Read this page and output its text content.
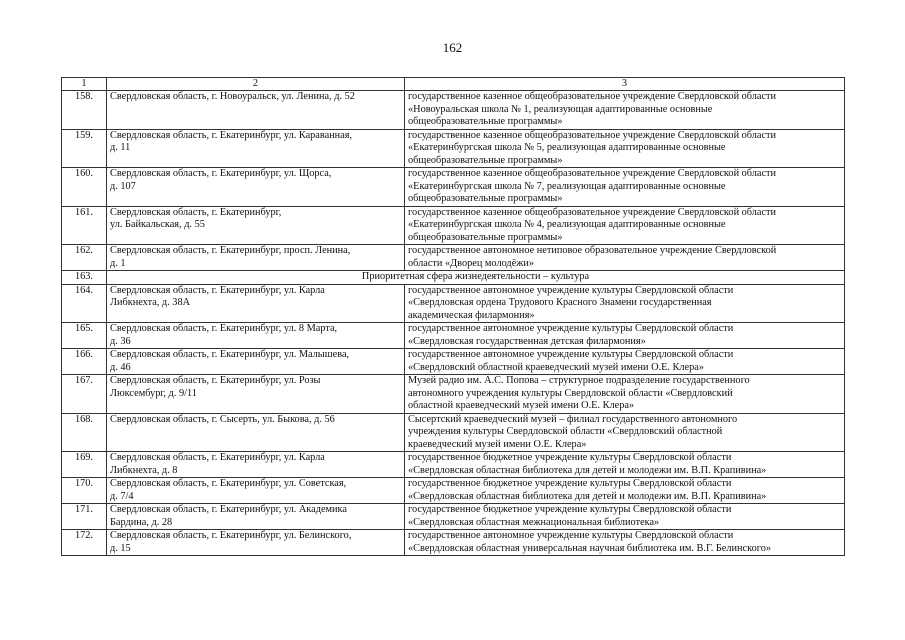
162
1	2	3
158.	Свердловская область, г. Новоуральск, ул. Ленина, д. 52	государственное казенное общеобразовательное учреждение Свердловской области
«Новоуральская школа № 1, реализующая адаптированные основные
общеобразовательные программы»

159.	Свердловская область, г. Екатеринбург, ул. Караванная,
д. 11	государственное казенное общеобразовательное учреждение Свердловской области
«Екатеринбургская школа № 5, реализующая адаптированные основные
общеобразовательные программы»

160.	Свердловская область, г. Екатеринбург, ул. Щорса,
д. 107	государственное казенное общеобразовательное учреждение Свердловской области
«Екатеринбургская школа № 7, реализующая адаптированные основные
общеобразовательные программы»

161.	Свердловская область, г. Екатеринбург,
ул. Байкальская, д. 55	государственное казенное общеобразовательное учреждение Свердловской области
«Екатеринбургская школа № 4, реализующая адаптированные основные
общеобразовательные программы»

162.	Свердловская область, г. Екатеринбург, просп. Ленина,
д. 1	государственное автономное нетиповое образовательное учреждение Свердловской
области «Дворец молодёжи»

163.	Приоритетная сфера жизнедеятельности – культура	
164.	Свердловская область, г. Екатеринбург, ул. Карла
Либкнехта, д. 38А	государственное автономное учреждение культуры Свердловской области
«Свердловская ордена Трудового Красного Знамени государственная
академическая филармония»

165.	Свердловская область, г. Екатеринбург, ул. 8 Марта,
д. 36	государственное автономное учреждение культуры Свердловской области
«Свердловская государственная детская филармония»

166.	Свердловская область, г. Екатеринбург, ул. Малышева,
д. 46	государственное автономное учреждение культуры Свердловской области
«Свердловский областной краеведческий музей имени О.Е. Клера»

167.	Свердловская область, г. Екатеринбург, ул. Розы
Люксембург, д. 9/11	Музей радио им. А.С. Попова – структурное подразделение государственного
автономного учреждения культуры Свердловской области «Свердловский
областной краеведческий музей имени О.Е. Клера»

168.	Свердловская область, г. Сысерть, ул. Быкова, д. 56	Сысертский краеведческий музей – филиал государственного автономного
учреждения культуры Свердловской области «Свердловский областной
краеведческий музей имени О.Е. Клера»

169.	Свердловская область, г. Екатеринбург, ул. Карла
Либкнехта, д. 8	государственное бюджетное учреждение культуры Свердловской области
«Свердловская областная библиотека для детей и молодежи им. В.П. Крапивина»

170.	Свердловская область, г. Екатеринбург, ул. Советская,
д. 7/4	государственное бюджетное учреждение культуры Свердловской области
«Свердловская областная библиотека для детей и молодежи им. В.П. Крапивина»

171.	Свердловская область, г. Екатеринбург, ул. Академика
Бардина, д. 28	государственное бюджетное учреждение культуры Свердловской области
«Свердловская областная межнациональная библиотека»

172.	Свердловская область, г. Екатеринбург, ул. Белинского,
д. 15	государственное автономное учреждение культуры Свердловской области
«Свердловская областная универсальная научная библиотека им. В.Г. Белинского»
